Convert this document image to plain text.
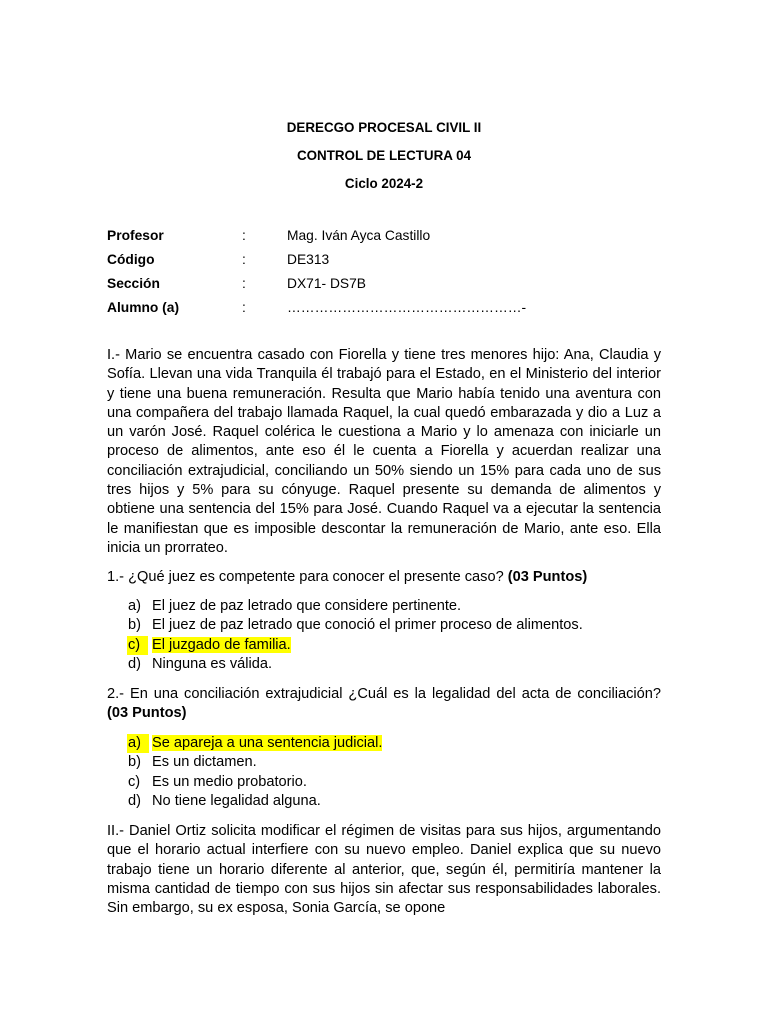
DERECGO PROCESAL CIVIL II
CONTROL DE LECTURA 04
Ciclo 2024-2
Profesor	:	Mag. Iván Ayca Castillo
Código	:	DE313
Sección	:	DX71- DS7B
Alumno (a)	:	……………………………………………-

I.- Mario se encuentra casado con Fiorella y tiene tres menores hijo: Ana, Claudia y Sofía. Llevan una vida Tranquila él trabajó para el Estado, en el Ministerio del interior y tiene una buena remuneración. Resulta que Mario había tenido una aventura con una compañera del trabajo llamada Raquel, la cual quedó embarazada y dio a Luz a un varón José. Raquel colérica le cuestiona a Mario y lo amenaza con iniciarle un proceso de alimentos, ante eso él le cuenta a Fiorella y acuerdan realizar una conciliación extrajudicial, conciliando un 50% siendo un 15% para cada uno de sus tres hijos y 5% para su cónyuge. Raquel presente su demanda de alimentos y obtiene una sentencia del 15% para José. Cuando Raquel va a ejecutar la sentencia le manifiestan que es imposible descontar la remuneración de Mario, ante eso. Ella inicia un prorrateo.

1.- ¿Qué juez es competente para conocer el presente caso? (03 Puntos)

a) El juez de paz letrado que considere pertinente.
b) El juez de paz letrado que conoció el primer proceso de alimentos.
c) El juzgado de familia.
d) Ninguna es válida.

2.- En una conciliación extrajudicial ¿Cuál es la legalidad del acta de conciliación? (03 Puntos)

a) Se apareja a una sentencia judicial.
b) Es un dictamen.
c) Es un medio probatorio.
d) No tiene legalidad alguna.

II.- Daniel Ortiz solicita modificar el régimen de visitas para sus hijos, argumentando que el horario actual interfiere con su nuevo empleo. Daniel explica que su nuevo trabajo tiene un horario diferente al anterior, que, según él, permitiría mantener la misma cantidad de tiempo con sus hijos sin afectar sus responsabilidades laborales. Sin embargo, su ex esposa, Sonia García, se opone
